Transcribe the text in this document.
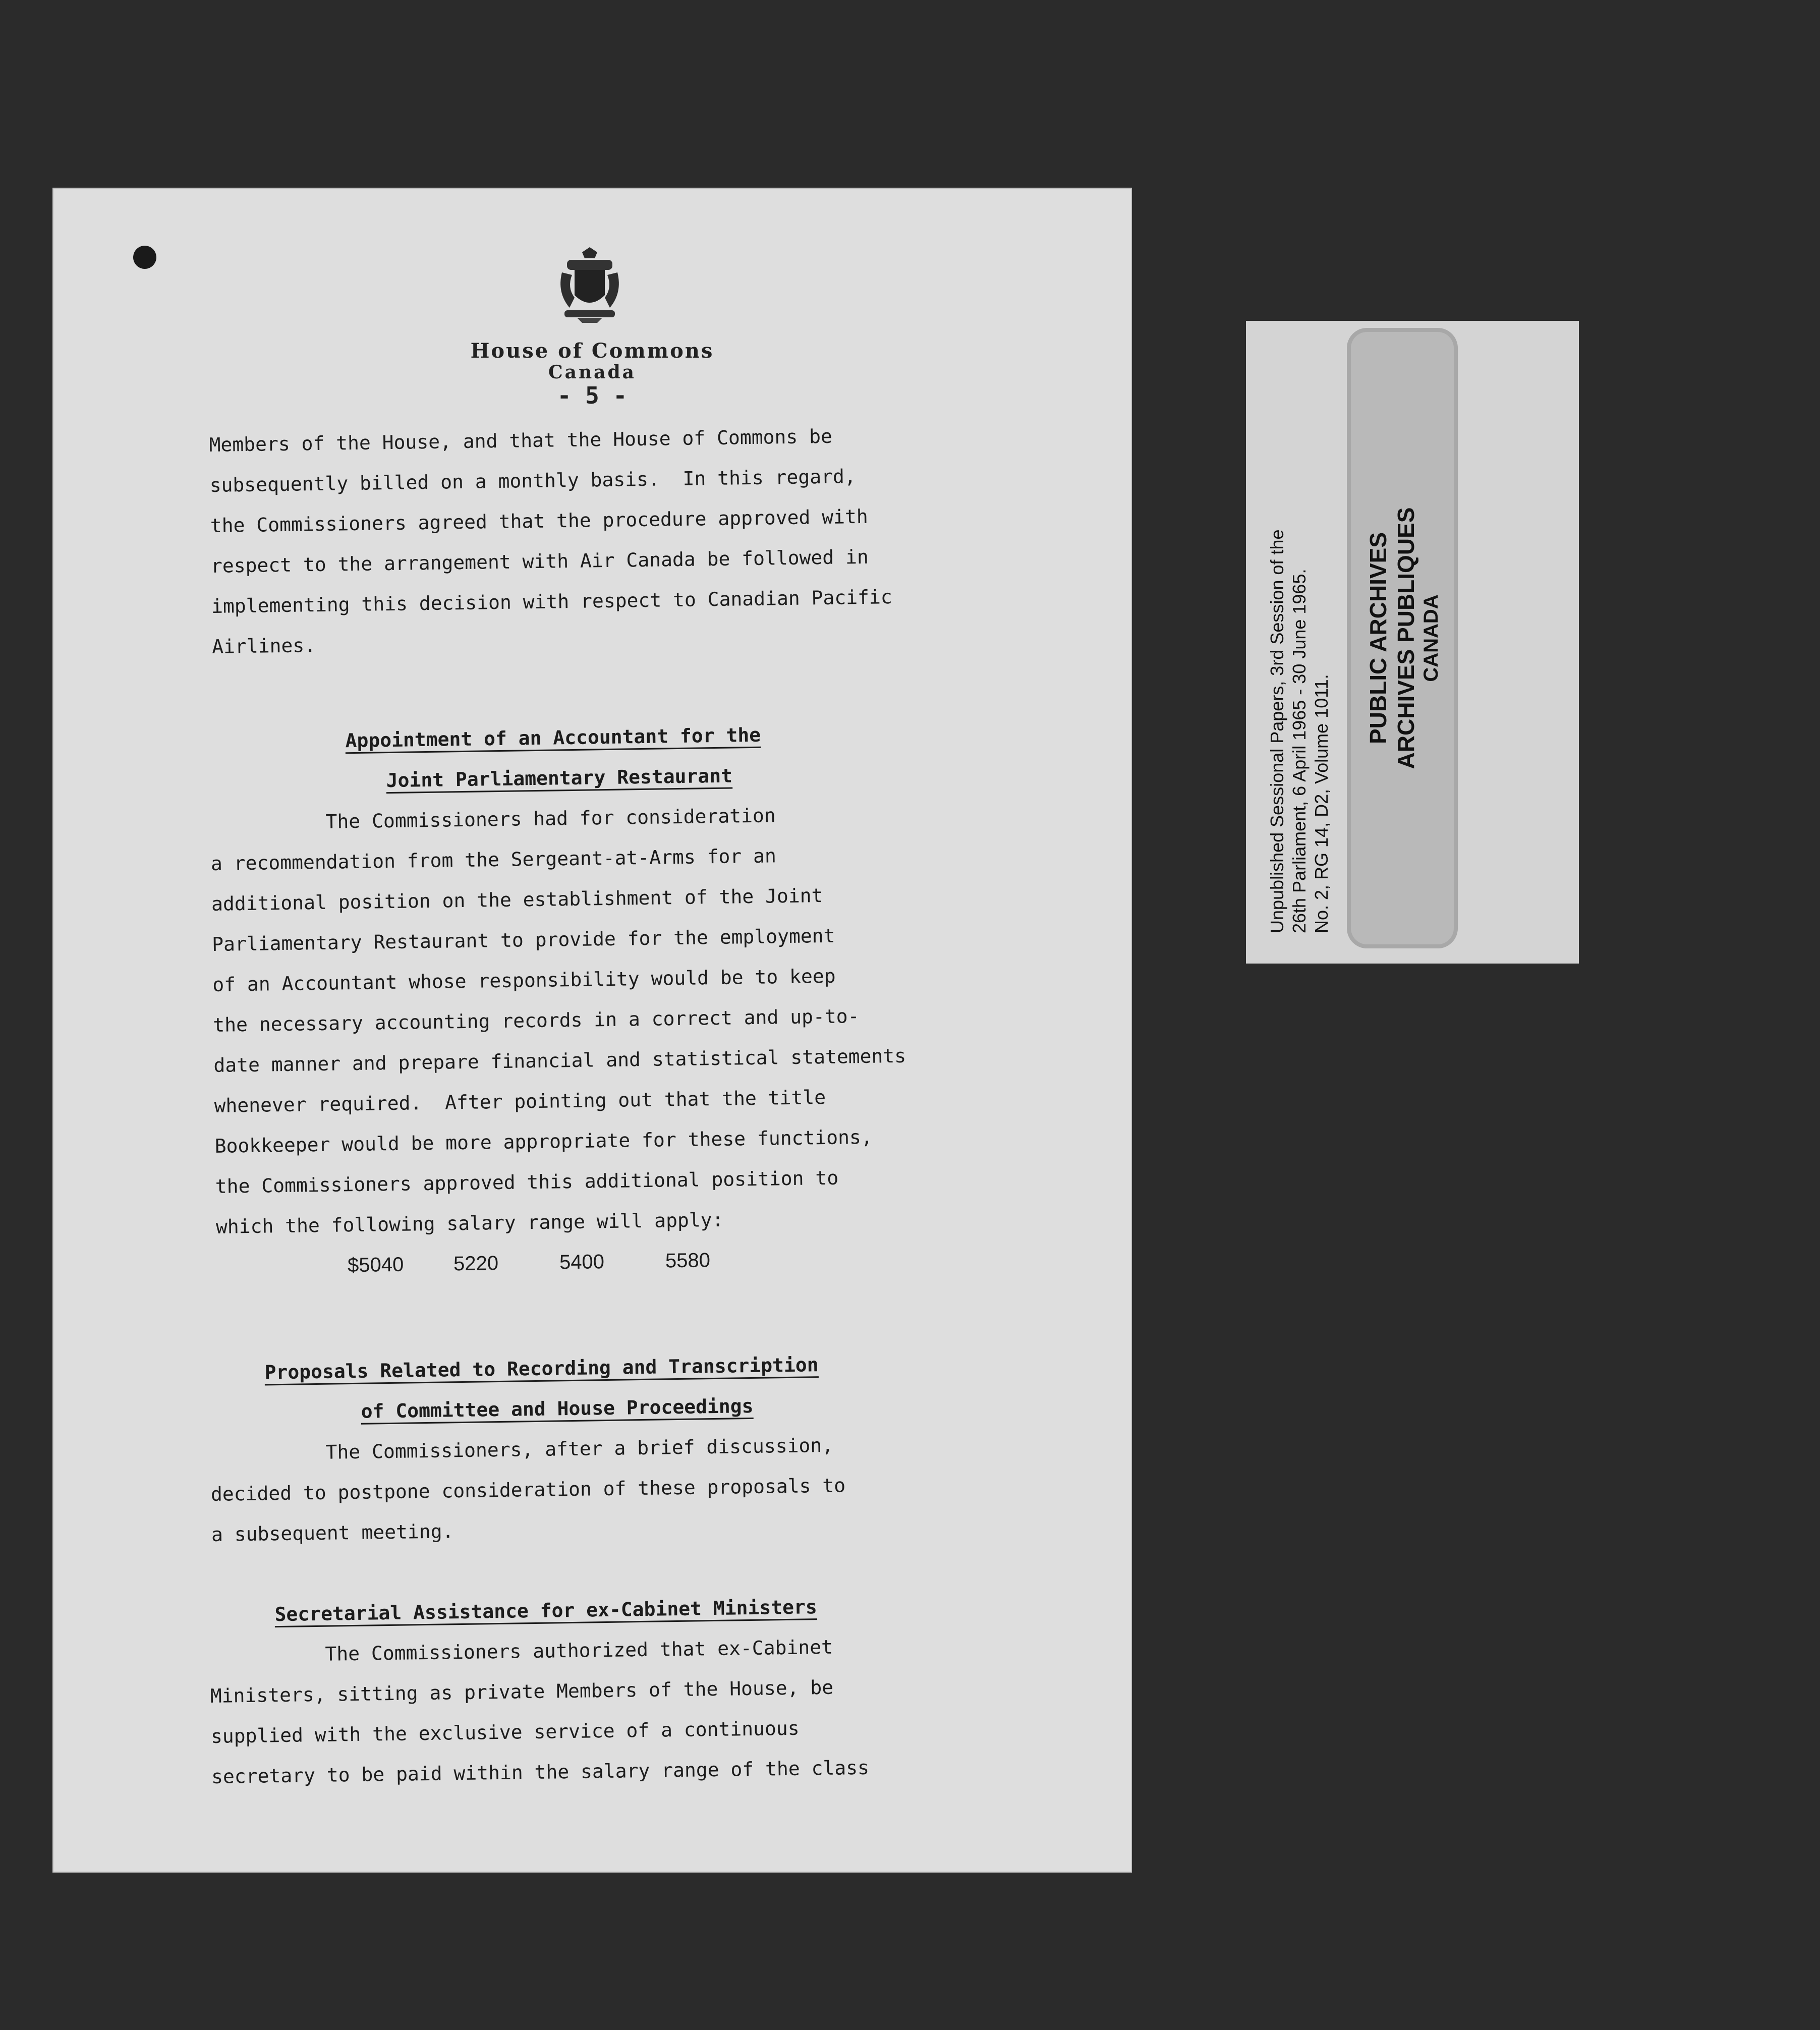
House of Commons
Canada
- 5 -
Members of the House, and that the House of Commons be
subsequently billed on a monthly basis.  In this regard,
the Commissioners agreed that the procedure approved with
respect to the arrangement with Air Canada be followed in
implementing this decision with respect to Canadian Pacific
Airlines.
Appointment of an Accountant for the
Joint Parliamentary Restaurant
The Commissioners had for consideration
a recommendation from the Sergeant-at-Arms for an
additional position on the establishment of the Joint
Parliamentary Restaurant to provide for the employment
of an Accountant whose responsibility would be to keep
the necessary accounting records in a correct and up-to-
date manner and prepare financial and statistical statements
whenever required.  After pointing out that the title
Bookkeeper would be more appropriate for these functions,
the Commissioners approved this additional position to
which the following salary range will apply:
$5040 5220	5400	5580
Proposals Related to Recording and Transcription
of Committee and House Proceedings
The Commissioners, after a brief discussion,
decided to postpone consideration of these proposals to
a subsequent meeting.
Secretarial Assistance for ex-Cabinet Ministers
The Commissioners authorized that ex-Cabinet
Ministers, sitting as private Members of the House, be
supplied with the exclusive service of a continuous
secretary to be paid within the salary range of the class
Unpublished Sessional Papers, 3rd Session of the 26th Parliament, 6 April 1965 - 30 June 1965. No. 2, RG 14, D2, Volume 1011.
PUBLIC ARCHIVES ARCHIVES PUBLIQUES CANADA
